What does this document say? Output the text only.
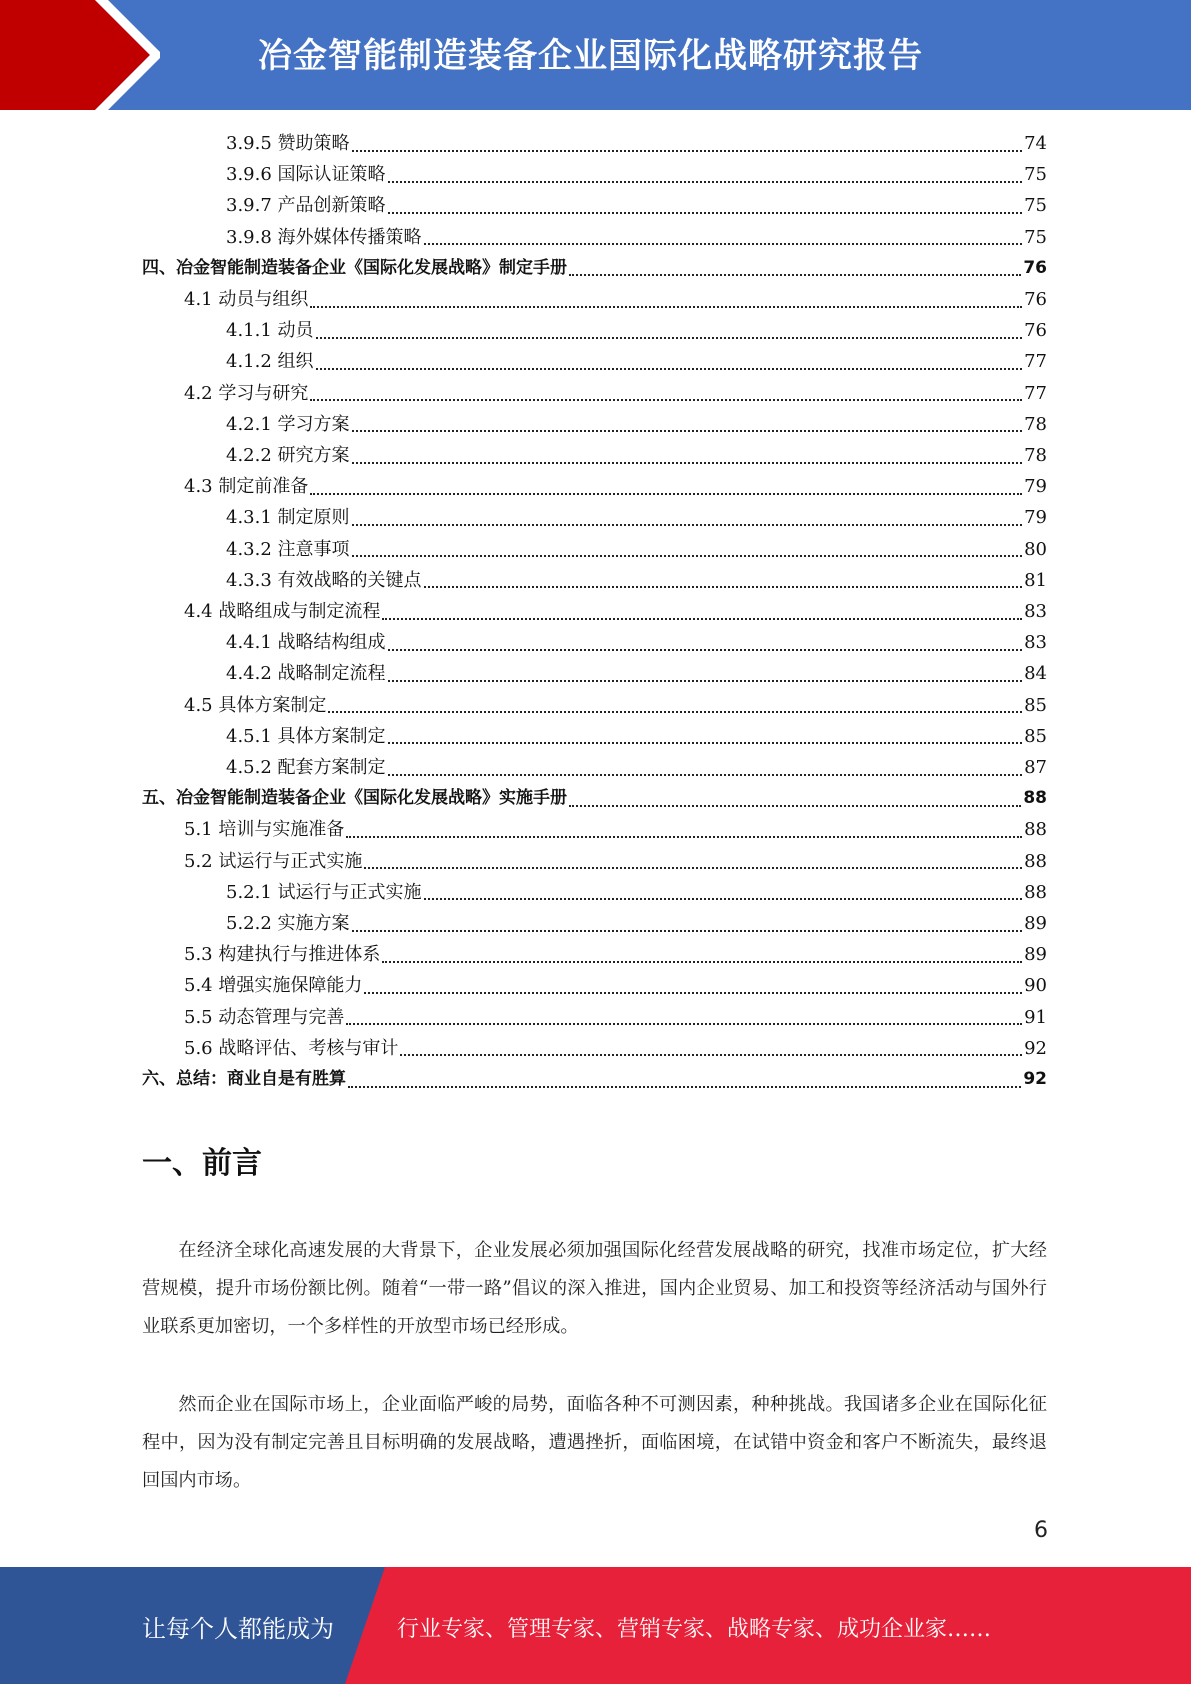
冶金智能制造装备企业国际化战略研究报告
3.9.5 赞助策略	74
3.9.6 国际认证策略	75
3.9.7 产品创新策略	75
3.9.8 海外媒体传播策略	75
四、冶金智能制造装备企业《国际化发展战略》制定手册	76
4.1 动员与组织	76
4.1.1 动员	76
4.1.2 组织	77
4.2 学习与研究	77
4.2.1 学习方案	78
4.2.2 研究方案	78
4.3 制定前准备	79
4.3.1 制定原则	79
4.3.2 注意事项	80
4.3.3 有效战略的关键点	81
4.4 战略组成与制定流程	83
4.4.1 战略结构组成	83
4.4.2 战略制定流程	84
4.5 具体方案制定	85
4.5.1 具体方案制定	85
4.5.2 配套方案制定	87
五、冶金智能制造装备企业《国际化发展战略》实施手册	88
5.1 培训与实施准备	88
5.2 试运行与正式实施	88
5.2.1 试运行与正式实施	88
5.2.2 实施方案	89
5.3 构建执行与推进体系	89
5.4 增强实施保障能力	90
5.5 动态管理与完善	91
5.6 战略评估、考核与审计	92
六、总结：商业自是有胜算	92
一、前言
在经济全球化高速发展的大背景下，企业发展必须加强国际化经营发展战略的研究，找准市场定位，扩大经营规模，提升市场份额比例。随着“一带一路”倡议的深入推进，国内企业贸易、加工和投资等经济活动与国外行业联系更加密切，一个多样性的开放型市场已经形成。
然而企业在国际市场上，企业面临严峻的局势，面临各种不可测因素，种种挑战。我国诸多企业在国际化征程中，因为没有制定完善且目标明确的发展战略，遭遇挫折，面临困境，在试错中资金和客户不断流失，最终退回国内市场。
6
让每个人都能成为	行业专家、管理专家、营销专家、战略专家、成功企业家……
